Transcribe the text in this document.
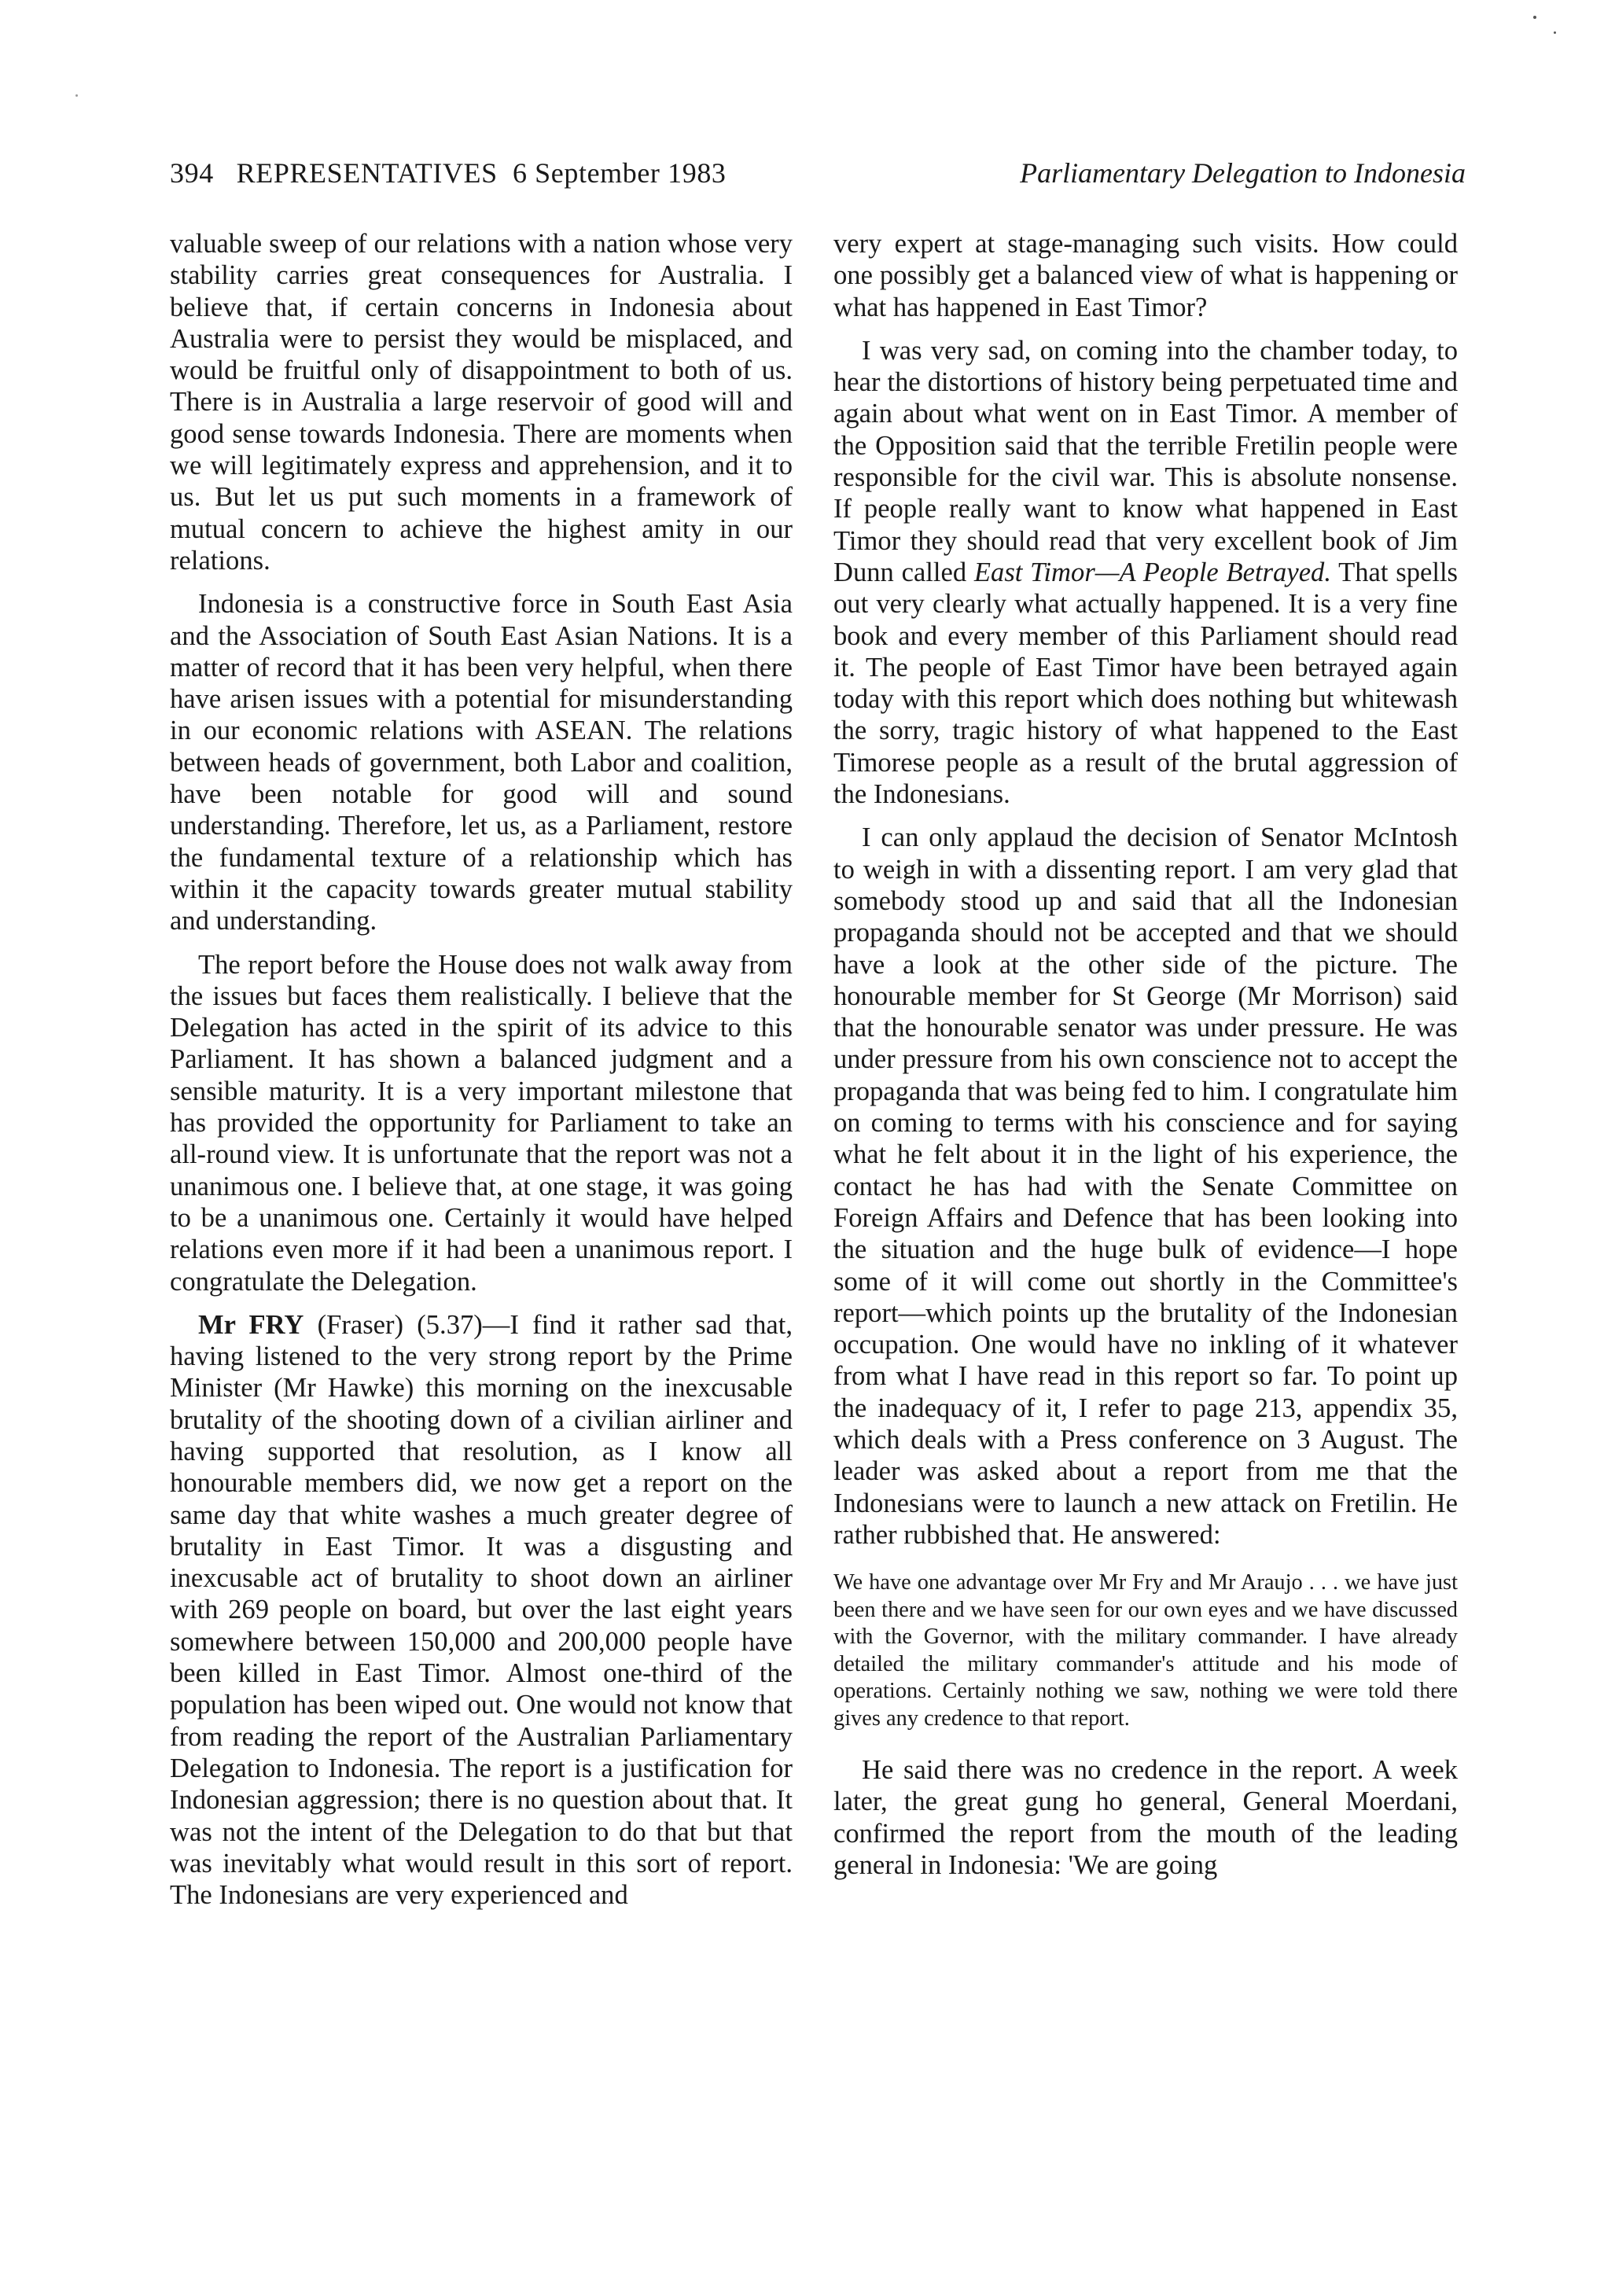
394 REPRESENTATIVES 6 September 1983	Parliamentary Delegation to Indonesia

valuable sweep of our relations with a nation whose very stability carries great consequences for Australia. I believe that, if certain concerns in Indonesia about Australia were to persist they would be misplaced, and would be fruitful only of disappointment to both of us. There is in Australia a large reservoir of good will and good sense towards Indonesia. There are moments when we will legitimately express and apprehension, and it to us. But let us put such moments in a framework of mutual concern to achieve the highest amity in our relations.

Indonesia is a constructive force in South East Asia and the Association of South East Asian Nations. It is a matter of record that it has been very helpful, when there have arisen issues with a potential for misunderstanding in our economic relations with ASEAN. The relations between heads of government, both Labor and coalition, have been notable for good will and sound understanding. Therefore, let us, as a Parliament, restore the fundamental texture of a relationship which has within it the capacity towards greater mutual stability and understanding.

The report before the House does not walk away from the issues but faces them realistically. I believe that the Delegation has acted in the spirit of its advice to this Parliament. It has shown a balanced judgment and a sensible maturity. It is a very important milestone that has provided the opportunity for Parliament to take an all-round view. It is unfortunate that the report was not a unanimous one. I believe that, at one stage, it was going to be a unanimous one. Certainly it would have helped relations even more if it had been a unanimous report. I congratulate the Delegation.

Mr FRY (Fraser) (5.37)—I find it rather sad that, having listened to the very strong report by the Prime Minister (Mr Hawke) this morning on the inexcusable brutality of the shooting down of a civilian airliner and having supported that resolution, as I know all honourable members did, we now get a report on the same day that white washes a much greater degree of brutality in East Timor. It was a disgusting and inexcusable act of brutality to shoot down an airliner with 269 people on board, but over the last eight years somewhere between 150,000 and 200,000 people have been killed in East Timor. Almost one-third of the population has been wiped out. One would not know that from reading the report of the Australian Parliamentary Delegation to Indonesia. The report is a justification for Indonesian aggression; there is no question about that. It was not the intent of the Delegation to do that but that was inevitably what would result in this sort of report. The Indonesians are very experienced and

very expert at stage-managing such visits. How could one possibly get a balanced view of what is happening or what has happened in East Timor?

I was very sad, on coming into the chamber today, to hear the distortions of history being perpetuated time and again about what went on in East Timor. A member of the Opposition said that the terrible Fretilin people were responsible for the civil war. This is absolute nonsense. If people really want to know what happened in East Timor they should read that very excellent book of Jim Dunn called East Timor—A People Betrayed. That spells out very clearly what actually happened. It is a very fine book and every member of this Parliament should read it. The people of East Timor have been betrayed again today with this report which does nothing but whitewash the sorry, tragic history of what happened to the East Timorese people as a result of the brutal aggression of the Indonesians.

I can only applaud the decision of Senator McIntosh to weigh in with a dissenting report. I am very glad that somebody stood up and said that all the Indonesian propaganda should not be accepted and that we should have a look at the other side of the picture. The honourable member for St George (Mr Morrison) said that the honourable senator was under pressure. He was under pressure from his own conscience not to accept the propaganda that was being fed to him. I congratulate him on coming to terms with his conscience and for saying what he felt about it in the light of his experience, the contact he has had with the Senate Committee on Foreign Affairs and Defence that has been looking into the situation and the huge bulk of evidence—I hope some of it will come out shortly in the Committee's report—which points up the brutality of the Indonesian occupation. One would have no inkling of it whatever from what I have read in this report so far. To point up the inadequacy of it, I refer to page 213, appendix 35, which deals with a Press conference on 3 August. The leader was asked about a report from me that the Indonesians were to launch a new attack on Fretilin. He rather rubbished that. He answered:

We have one advantage over Mr Fry and Mr Araujo . . . we have just been there and we have seen for our own eyes and we have discussed with the Governor, with the military commander. I have already detailed the military commander's attitude and his mode of operations. Certainly nothing we saw, nothing we were told there gives any credence to that report.

He said there was no credence in the report. A week later, the great gung ho general, General Moerdani, confirmed the report from the mouth of the leading general in Indonesia: 'We are going
